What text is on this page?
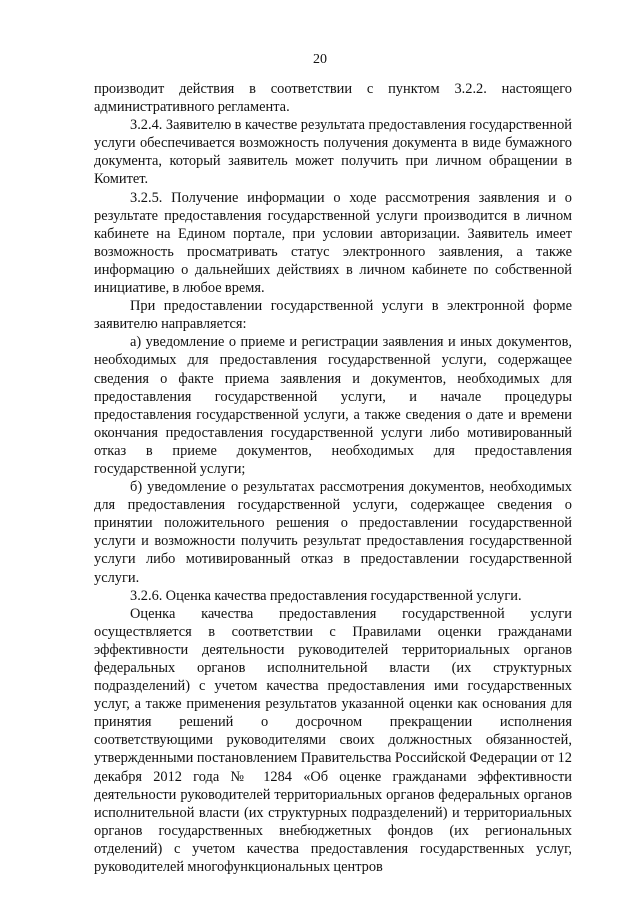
20

производит действия в соответствии с пунктом 3.2.2. настоящего административного регламента.

3.2.4. Заявителю в качестве результата предоставления государственной услуги обеспечивается возможность получения документа в виде бумажного документа, который заявитель может получить при личном обращении в Комитет.

3.2.5. Получение информации о ходе рассмотрения заявления и о результате предоставления государственной услуги производится в личном кабинете на Едином портале, при условии авторизации. Заявитель имеет возможность просматривать статус электронного заявления, а также информацию о дальнейших действиях в личном кабинете по собственной инициативе, в любое время.

При предоставлении государственной услуги в электронной форме заявителю направляется:

а) уведомление о приеме и регистрации заявления и иных документов, необходимых для предоставления государственной услуги, содержащее сведения о факте приема заявления и документов, необходимых для предоставления государственной услуги, и начале процедуры предоставления государственной услуги, а также сведения о дате и времени окончания предоставления государственной услуги либо мотивированный отказ в приеме документов, необходимых для предоставления государственной услуги;

б) уведомление о результатах рассмотрения документов, необходимых для предоставления государственной услуги, содержащее сведения о принятии положительного решения о предоставлении государственной услуги и возможности получить результат предоставления государственной услуги либо мотивированный отказ в предоставлении государственной услуги.

3.2.6. Оценка качества предоставления государственной услуги.

Оценка качества предоставления государственной услуги осуществляется в соответствии с Правилами оценки гражданами эффективности деятельности руководителей территориальных органов федеральных органов исполнительной власти (их структурных подразделений) с учетом качества предоставления ими государственных услуг, а также применения результатов указанной оценки как основания для принятия решений о досрочном прекращении исполнения соответствующими руководителями своих должностных обязанностей, утвержденными постановлением Правительства Российской Федерации от 12 декабря 2012 года № 1284 «Об оценке гражданами эффективности деятельности руководителей территориальных органов федеральных органов исполнительной власти (их структурных подразделений) и территориальных органов государственных внебюджетных фондов (их региональных отделений) с учетом качества предоставления государственных услуг, руководителей многофункциональных центров
